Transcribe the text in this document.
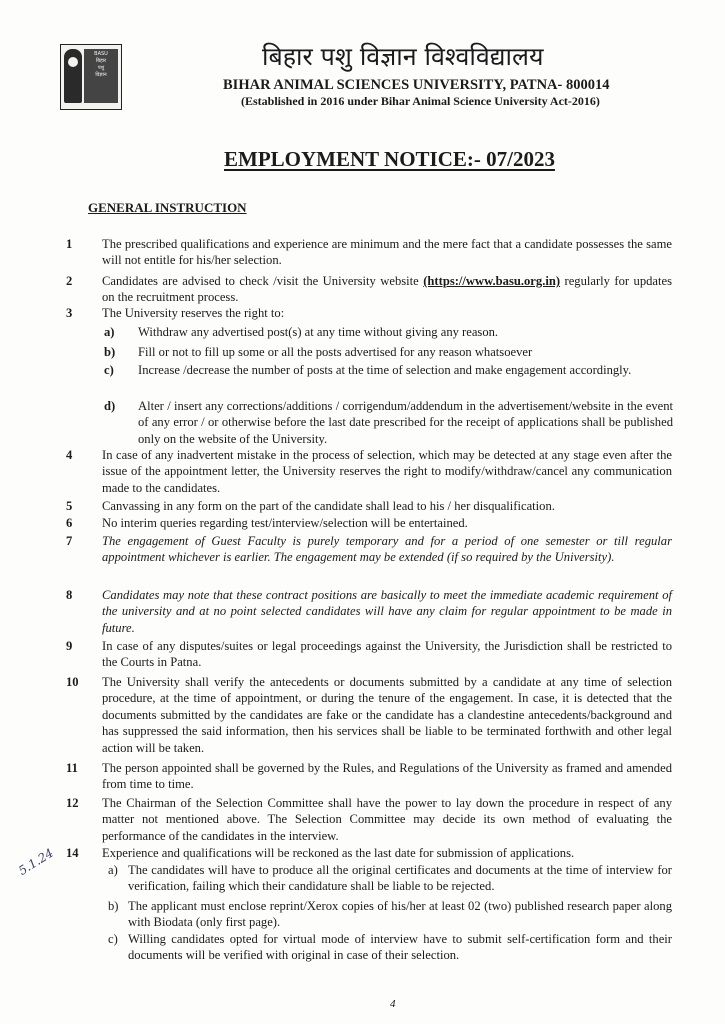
BASU
बिहार
पशु
विज्ञान
बिहार पशु विज्ञान विश्वविद्यालय
BIHAR ANIMAL SCIENCES UNIVERSITY, PATNA- 800014
(Established in 2016 under Bihar Animal Science University Act-2016)
EMPLOYMENT NOTICE:- 07/2023
GENERAL INSTRUCTION
1	The prescribed qualifications and experience are minimum and the mere fact that a candidate possesses the same will not entitle for his/her selection.
2	Candidates are advised to check /visit the University website (https://www.basu.org.in) regularly for updates on the recruitment process.
3	The University reserves the right to:
a) Withdraw any advertised post(s) at any time without giving any reason.
b) Fill or not to fill up some or all the posts advertised for any reason whatsoever
c) Increase /decrease the number of posts at the time of selection and make engagement accordingly.
d) Alter / insert any corrections/additions / corrigendum/addendum in the advertisement/website in the event of any error / or otherwise before the last date prescribed for the receipt of applications shall be published only on the website of the University.
4	In case of any inadvertent mistake in the process of selection, which may be detected at any stage even after the issue of the appointment letter, the University reserves the right to modify/withdraw/cancel any communication made to the candidates.
5	Canvassing in any form on the part of the candidate shall lead to his / her disqualification.
6	No interim queries regarding test/interview/selection will be entertained.
7	The engagement of Guest Faculty is purely temporary and for a period of one semester or till regular appointment whichever is earlier. The engagement may be extended (if so required by the University).
8	Candidates may note that these contract positions are basically to meet the immediate academic requirement of the university and at no point selected candidates will have any claim for regular appointment to be made in future.
9	In case of any disputes/suites or legal proceedings against the University, the Jurisdiction shall be restricted to the Courts in Patna.
10	The University shall verify the antecedents or documents submitted by a candidate at any time of selection procedure, at the time of appointment, or during the tenure of the engagement. In case, it is detected that the documents submitted by the candidates are fake or the candidate has a clandestine antecedents/background and has suppressed the said information, then his services shall be liable to be terminated forthwith and other legal action will be taken.
11	The person appointed shall be governed by the Rules, and Regulations of the University as framed and amended from time to time.
12	The Chairman of the Selection Committee shall have the power to lay down the procedure in respect of any matter not mentioned above. The Selection Committee may decide its own method of evaluating the performance of the candidates in the interview.
14	Experience and qualifications will be reckoned as the last date for submission of applications.
a) The candidates will have to produce all the original certificates and documents at the time of interview for verification, failing which their candidature shall be liable to be rejected.
b) The applicant must enclose reprint/Xerox copies of his/her at least 02 (two) published research paper along with Biodata (only first page).
c) Willing candidates opted for virtual mode of interview have to submit self-certification form and their documents will be verified with original in case of their selection.
5.1.24
4
